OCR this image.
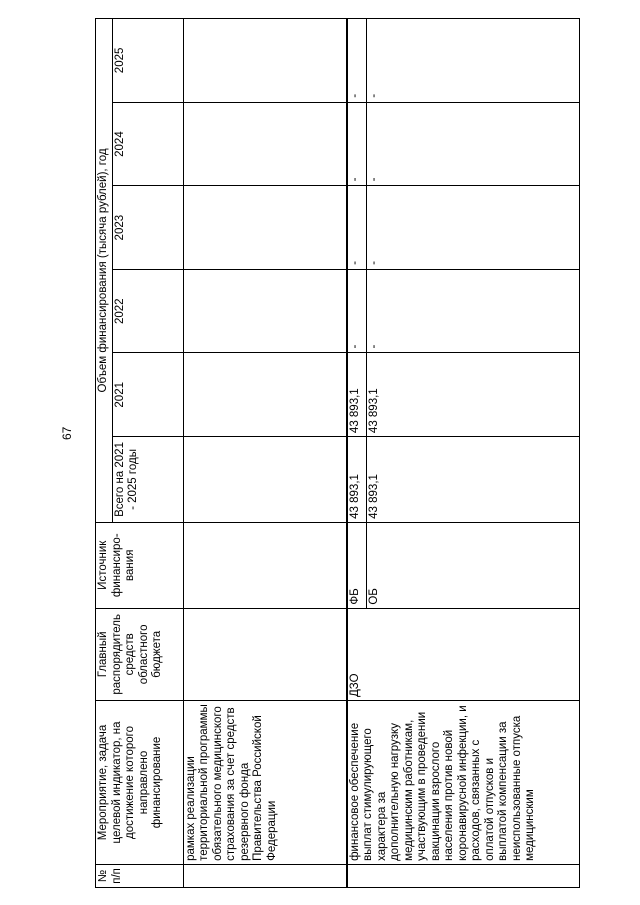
67
№ п/п	Мероприятие, задача целевой индикатор, на достижение которого направлено финансирование	Главный распорядитель средств областного бюджета	Источник финансиро- вания	Объем финансирования (тысяча рублей), год					
				Всего на 2021 - 2025 годы	2021	2022	2023	2024	2025
	рамках реализации территориальной программы обязательного медицинского страхования за счет средств резервного фонда Правительства Российской Федерации								
	финансовое обеспечение выплат стимулирующего характера за дополнительную нагрузку медицинским работникам, участвующим в проведении вакцинации взрослого населения против новой коронавирусной инфекции, и расходов, связанных с оплатой отпусков и выплатой компенсации за неиспользованные отпуска медицинским	ДЗО	ФБ	43 893,1	43 893,1	-	-	-	-
			ОБ	43 893,1	43 893,1	-	-	-	-
